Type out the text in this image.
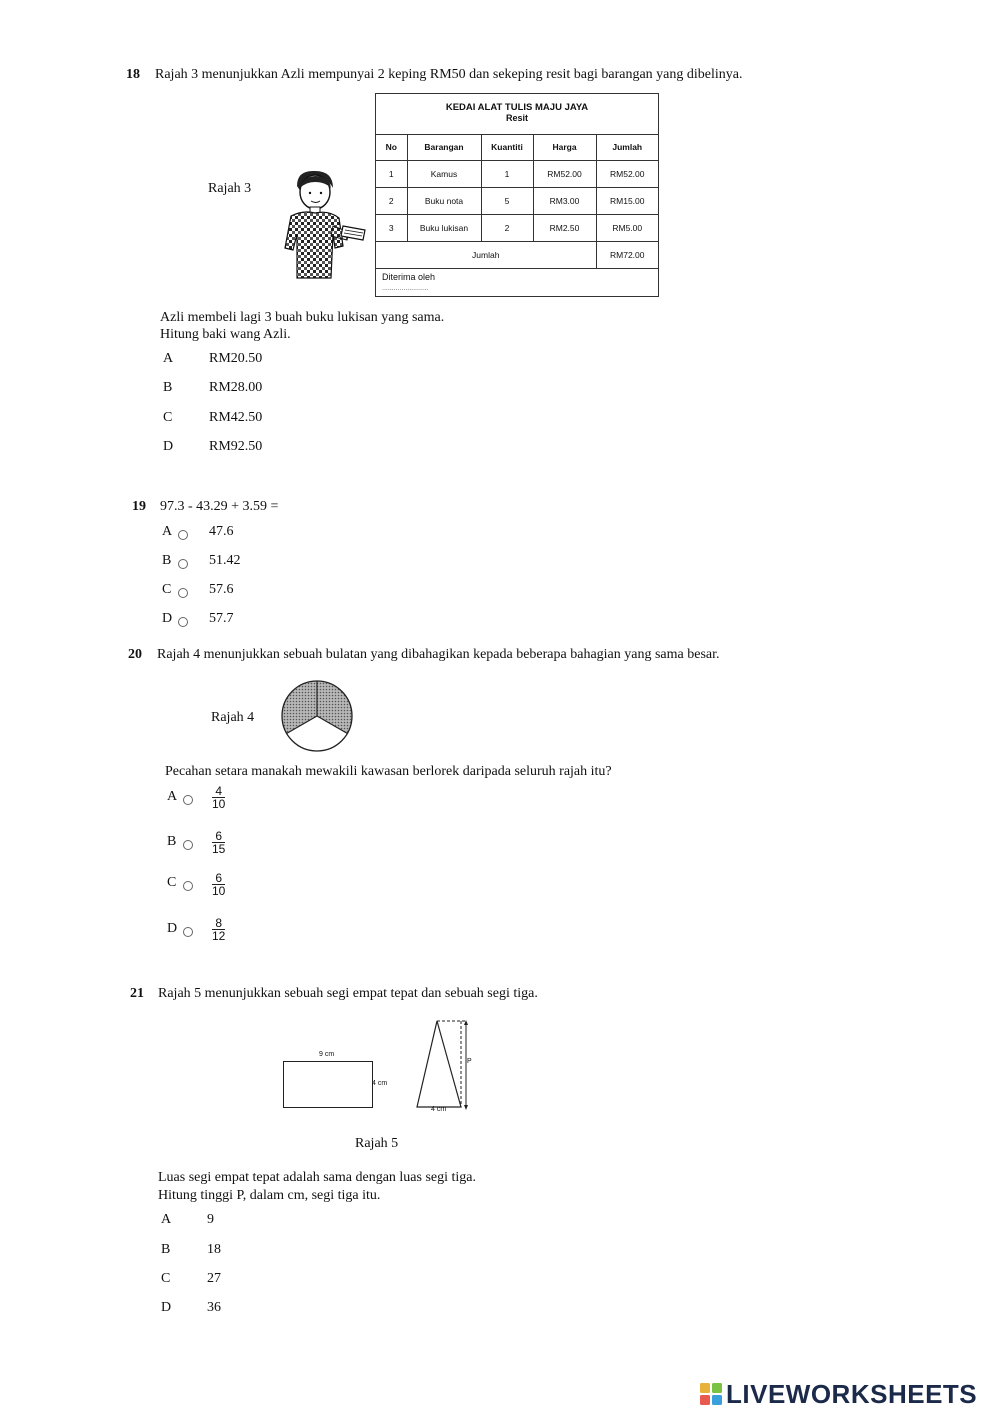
18 Rajah 3 menunjukkan Azli mempunyai 2 keping RM50 dan sekeping resit bagi barangan yang dibelinya.
Rajah 3
KEDAI ALAT TULIS MAJU JAYA
Resit
No	Barangan	Kuantiti	Harga	Jumlah
1	Kamus	1	RM52.00	RM52.00
2	Buku nota	5	RM3.00	RM15.00
3	Buku lukisan	2	RM2.50	RM5.00
Jumlah				RM72.00
Diterima oleh
........................
Azli membeli lagi 3 buah buku lukisan yang sama.
Hitung baki wang Azli.
A	RM20.50
B	RM28.00
C	RM42.50
D	RM92.50
19 97.3 - 43.29 + 3.59 =
A	47.6
B	51.42
C	57.6
D	57.7
20 Rajah 4 menunjukkan sebuah bulatan yang dibahagikan kepada beberapa bahagian yang sama besar.
Rajah 4
Pecahan setara manakah mewakili kawasan berlorek daripada seluruh rajah itu?
A	$\frac{4}{10}$
B	$\frac{6}{15}$
C	$\frac{6}{10}$
D	$\frac{8}{12}$
21 Rajah 5 menunjukkan sebuah segi empat tepat dan sebuah segi tiga.
9 cm
4 cm
P
4 cm
Rajah 5
Luas segi empat tepat adalah sama dengan luas segi tiga.
Hitung tinggi P, dalam cm, segi tiga itu.
A	9
B	18
C	27
D	36
LIVEWORKSHEETS
